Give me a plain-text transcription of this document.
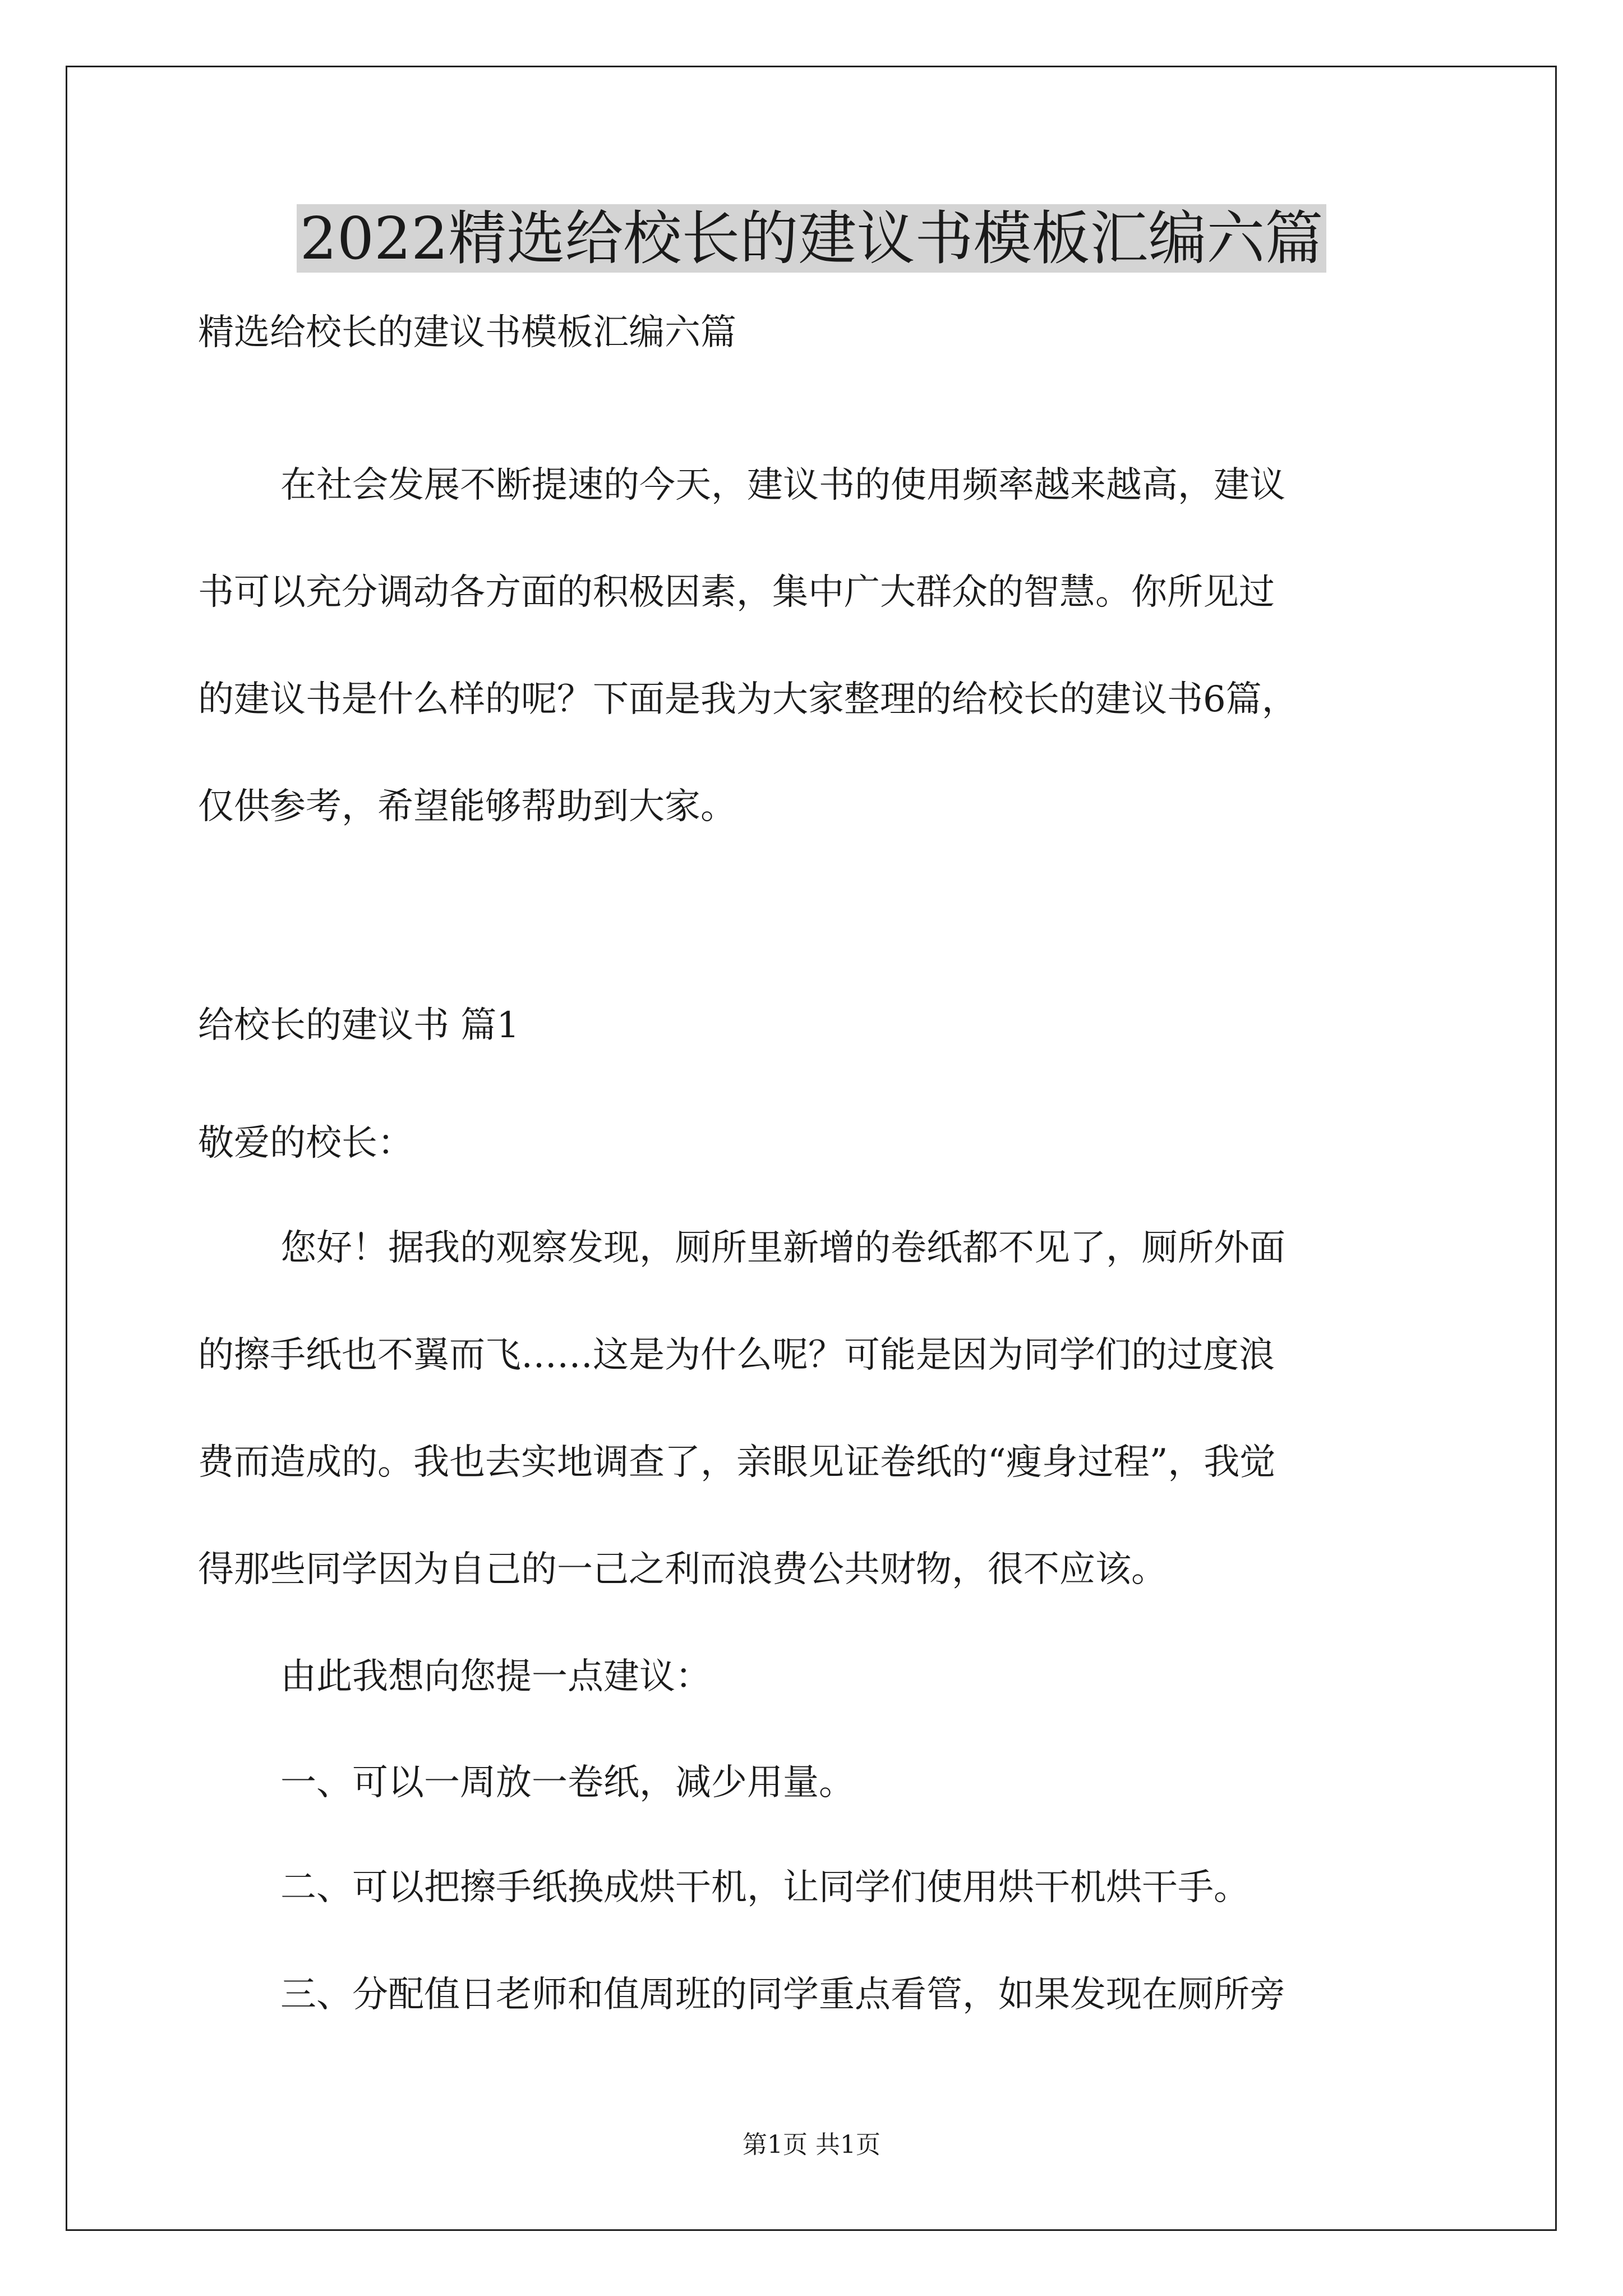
2022精选给校长的建议书模板汇编六篇
精选给校长的建议书模板汇编六篇
在社会发展不断提速的今天，建议书的使用频率越来越高，建议
书可以充分调动各方面的积极因素，集中广大群众的智慧。你所见过
的建议书是什么样的呢？下面是我为大家整理的给校长的建议书6篇，
仅供参考，希望能够帮助到大家。
给校长的建议书 篇1
敬爱的校长：
您好！据我的观察发现，厕所里新增的卷纸都不见了，厕所外面
的擦手纸也不翼而飞……这是为什么呢？可能是因为同学们的过度浪
费而造成的。我也去实地调查了，亲眼见证卷纸的“瘦身过程”，我觉
得那些同学因为自己的一己之利而浪费公共财物，很不应该。
由此我想向您提一点建议：
一、可以一周放一卷纸，减少用量。
二、可以把擦手纸换成烘干机，让同学们使用烘干机烘干手。
三、分配值日老师和值周班的同学重点看管，如果发现在厕所旁
第1页 共1页
